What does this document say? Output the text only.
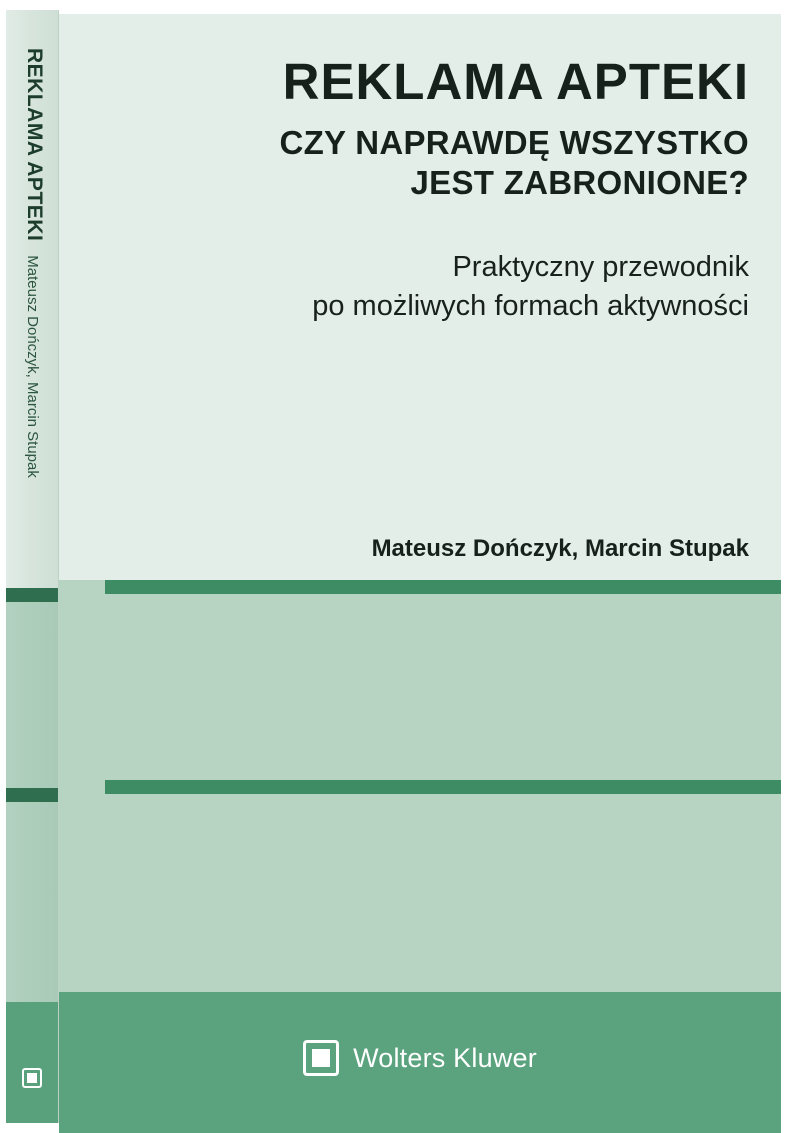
REKLAMA APTEKI
Mateusz Dończyk, Marcin Stupak
REKLAMA APTEKI
CZY NAPRAWDĘ WSZYSTKO
JEST ZABRONIONE?
Praktyczny przewodnik
po możliwych formach aktywności
Mateusz Dończyk, Marcin Stupak
Wolters Kluwer
